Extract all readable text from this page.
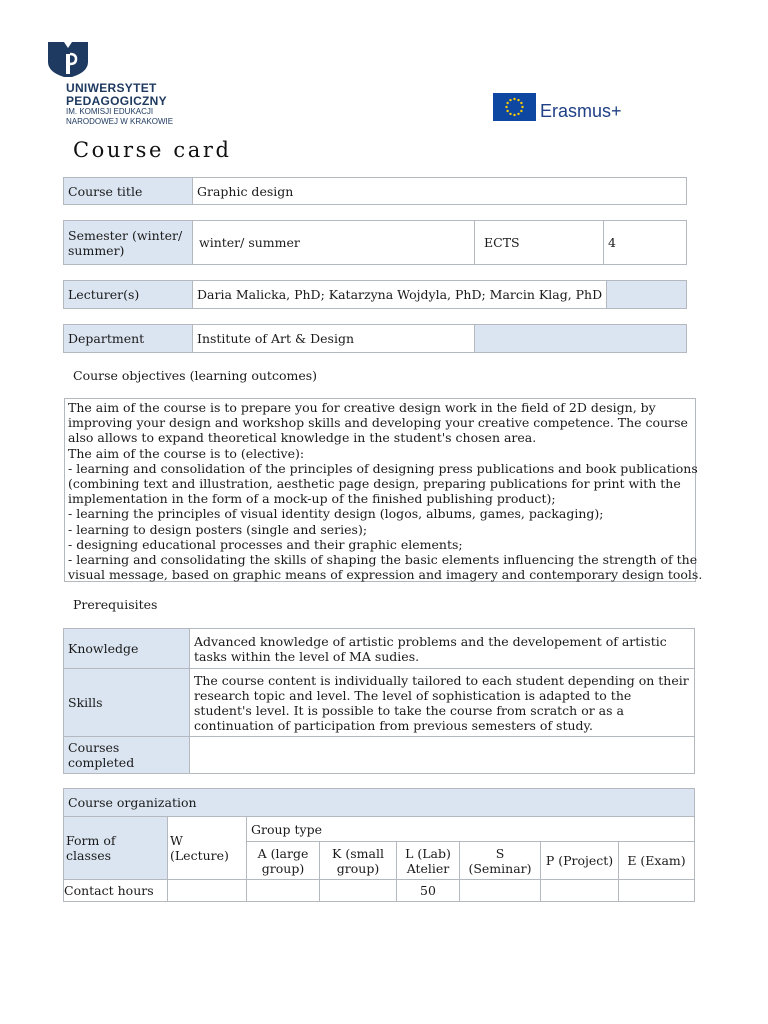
UNIWERSYTET
PEDAGOGICZNY
IM. KOMISJI EDUKACJI
NARODOWEJ W KRAKOWIE
Erasmus+
Course card
Course title	Graphic design
Semester (winter/ summer)	winter/ summer	ECTS	4
Lecturer(s)	Daria Malicka, PhD; Katarzyna Wojdyla, PhD; Marcin Klag, PhD	
Department	Institute of Art & Design	
Course objectives (learning outcomes)
The aim of the course is to prepare you for creative design work in the field of 2D design, by
improving your design and workshop skills and developing your creative competence. The course
also allows to expand theoretical knowledge in the student's chosen area.
The aim of the course is to (elective):
- learning and consolidation of the principles of designing press publications and book publications
(combining text and illustration, aesthetic page design, preparing publications for print with the
implementation in the form of a mock-up of the finished publishing product);
- learning the principles of visual identity design (logos, albums, games, packaging);
- learning to design posters (single and series);
- designing educational processes and their graphic elements;
- learning and consolidating the skills of shaping the basic elements influencing the strength of the
visual message, based on graphic means of expression and imagery and contemporary design tools.
Prerequisites
Knowledge	Advanced knowledge of artistic problems and the developement of artistic tasks within the level of MA sudies.
Skills	The course content is individually tailored to each student depending on their research topic and level. The level of sophistication is adapted to the student's level. It is possible to take the course from scratch or as a continuation of participation from previous semesters of study.
Courses completed	
Course organization							
Form of classes	W (Lecture)	Group type					
		A (large group)	K (small group)	L (Lab) Atelier	S (Seminar)	P (Project)	E (Exam)
Contact hours				50			
